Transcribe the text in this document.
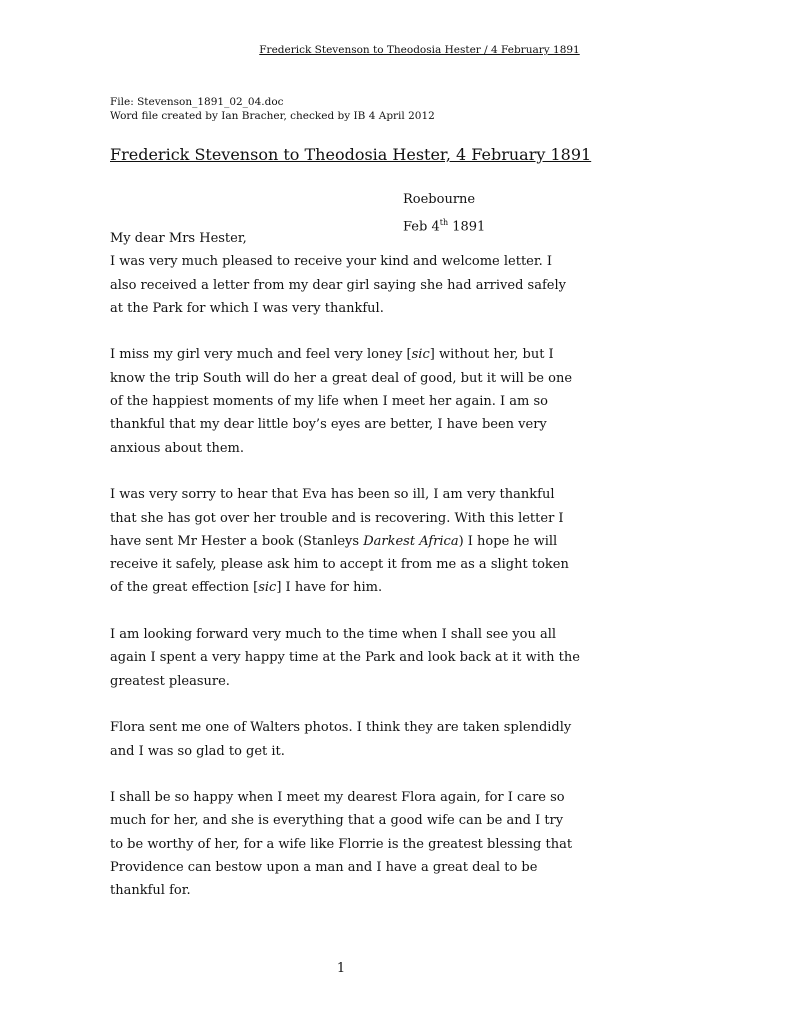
Frederick Stevenson to Theodosia Hester / 4 February 1891
File: Stevenson_1891_02_04.doc
Word file created by Ian Bracher, checked by IB 4 April 2012
Frederick Stevenson to Theodosia Hester, 4 February 1891
Roebourne
Feb 4th 1891

My dear Mrs Hester,

I was very much pleased to receive your kind and welcome letter. I also received a letter from my dear girl saying she had arrived safely at the Park for which I was very thankful.

I miss my girl very much and feel very loney [sic] without her, but I know the trip South will do her a great deal of good, but it will be one of the happiest moments of my life when I meet her again. I am so thankful that my dear little boy’s eyes are better, I have been very anxious about them.

I was very sorry to hear that Eva has been so ill, I am very thankful that she has got over her trouble and is recovering. With this letter I have sent Mr Hester a book (Stanleys Darkest Africa) I hope he will receive it safely, please ask him to accept it from me as a slight token of the great effection [sic] I have for him.

I am looking forward very much to the time when I shall see you all again I spent a very happy time at the Park and look back at it with the greatest pleasure.

Flora sent me one of Walters photos. I think they are taken splendidly and I was so glad to get it.

I shall be so happy when I meet my dearest Flora again, for I care so much for her, and she is everything that a good wife can be and I try to be worthy of her, for a wife like Florrie is the greatest blessing that Providence can bestow upon a man and I have a great deal to be thankful for.

1
